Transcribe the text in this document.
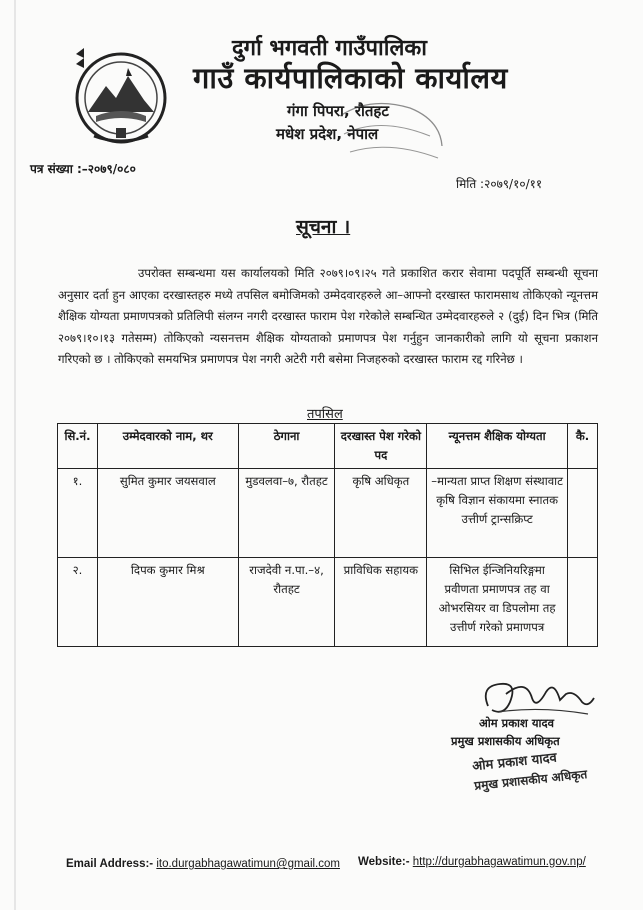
दुर्गा भगवती गाउँपालिका
गाउँ कार्यपालिकाको कार्यालय
गंगा पिपरा, रौतहट
मधेश प्रदेश, नेपाल
पत्र संख्या :–२०७९/०८०
मिति :२०७९/१०/११
सूचना ।
उपरोक्त सम्बन्धमा यस कार्यालयको मिति २०७९।०९।२५ गते प्रकाशित करार सेवामा पदपूर्ति सम्बन्धी सूचना अनुसार दर्ता हुन आएका दरखास्तहरु मध्ये तपसिल बमोजिमको उम्मेदवारहरुले आ–आफ्नो दरखास्त फारामसाथ तोकिएको न्यूनत्तम शैक्षिक योग्यता प्रमाणपत्रको प्रतिलिपी संलग्न नगरी दरखास्त फाराम पेश गरेकोले सम्बन्धित उम्मेदवारहरुले २ (दुई) दिन भित्र (मिति २०७९।१०।१३ गतेसम्म) तोकिएको न्यसनत्तम शैक्षिक योग्यताको प्रमाणपत्र पेश गर्नुहुन जानकारीको लागि यो सूचना प्रकाशन गरिएको छ । तोकिएको समयभित्र प्रमाणपत्र पेश नगरी अटेरी गरी बसेमा निजहरुको दरखास्त फाराम रद्द गरिनेछ ।
तपसिल
सि.नं.	उम्मेदवारको नाम, थर	ठेगाना	दरखास्त पेश गरेको पद	न्यूनत्तम शैक्षिक योग्यता	कै.
१.	सुमित कुमार जयसवाल	मुडवलवा–७, रौतहट	कृषि अधिकृत	–मान्यता प्राप्त शिक्षण संस्थावाट कृषि विज्ञान संकायमा स्नातक उत्तीर्ण ट्रान्सक्रिप्ट	
२.	दिपक कुमार मिश्र	राजदेवी न.पा.–४, रौतहट	प्राविधिक सहायक	सिभिल ईन्जिनियरिङ्गमा प्रवीणता प्रमाणपत्र तह वा ओभरसियर वा डिपलोमा तह उत्तीर्ण गरेको प्रमाणपत्र	
ओम प्रकाश यादव
प्रमुख प्रशासकीय अधिकृत
ओम प्रकाश यादव
प्रमुख प्रशासकीय अधिकृत
Email Address:- ito.durgabhagawatimun@gmail.com Website:- http://durgabhagawatimun.gov.np/
